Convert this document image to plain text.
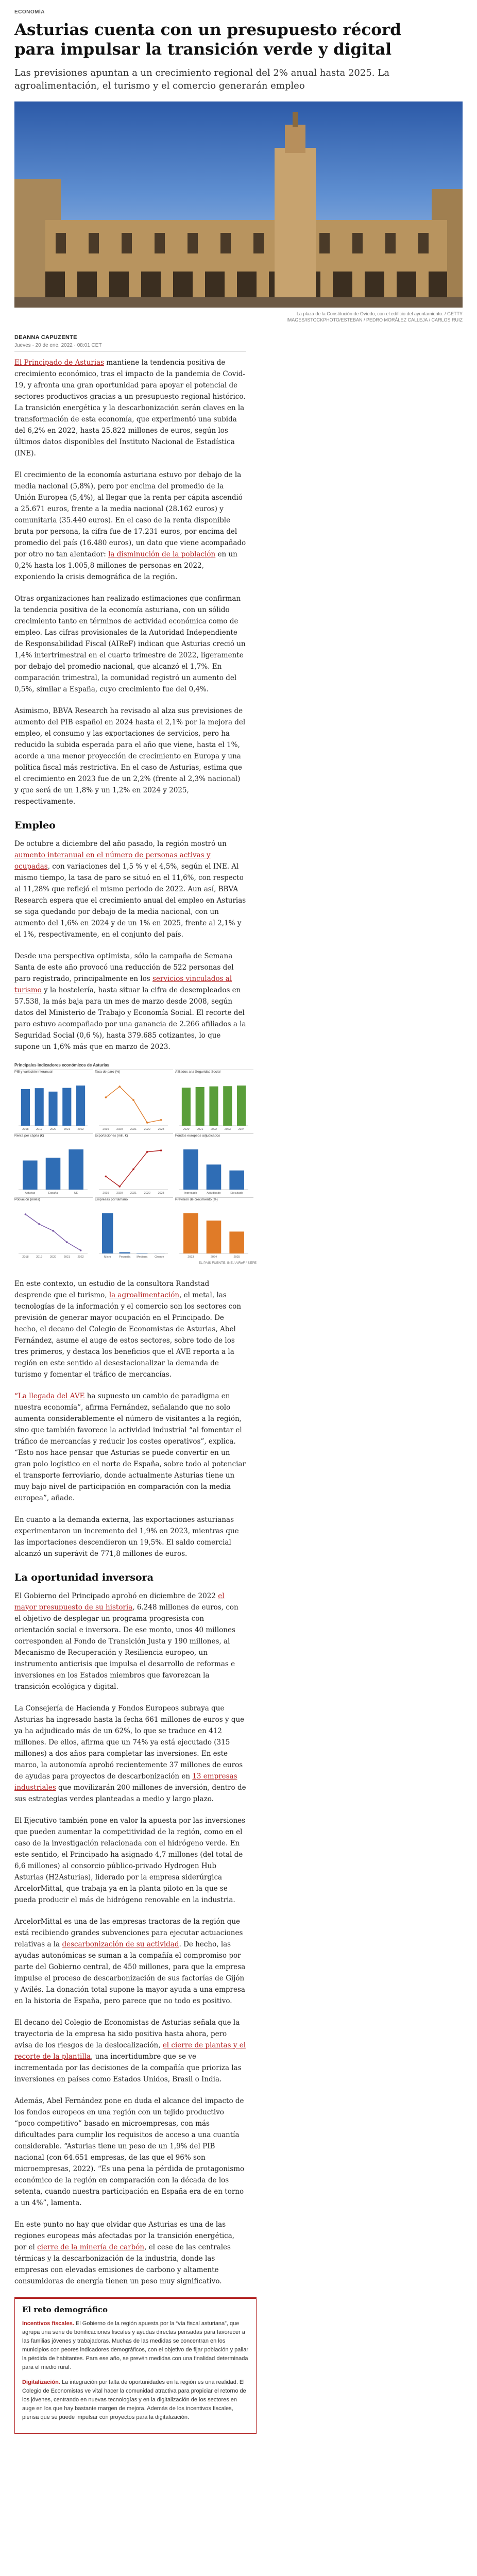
ECONOMÍA
Asturias cuenta con un presupuesto récord para impulsar la transición verde y digital

Las previsiones apuntan a un crecimiento regional del 2% anual hasta 2025. La agroalimentación, el turismo y el comercio generarán empleo

La plaza de la Constitución de Oviedo, con el edificio del ayuntamiento. / GETTY IMAGES/ISTOCKPHOTO/ESTEBAN / PEDRO MORÁLEZ CALLEJA / CARLOS RUIZ
DEANNA CAPUZENTE
Jueves · 20 de ene. 2022 · 08:01 CET

El Principado de Asturias mantiene la tendencia positiva de crecimiento económico, tras el impacto de la pandemia de Covid-19, y afronta una gran oportunidad para apoyar el potencial de sectores productivos gracias a un presupuesto regional histórico. La transición energética y la descarbonización serán claves en la transformación de esta economía, que experimentó una subida del 6,2% en 2022, hasta 25.822 millones de euros, según los últimos datos disponibles del Instituto Nacional de Estadística (INE).

El crecimiento de la economía asturiana estuvo por debajo de la media nacional (5,8%), pero por encima del promedio de la Unión Europea (5,4%), al llegar que la renta per cápita ascendió a 25.671 euros, frente a la media nacional (28.162 euros) y comunitaria (35.440 euros). En el caso de la renta disponible bruta por persona, la cifra fue de 17.231 euros, por encima del promedio del país (16.480 euros), un dato que viene acompañado por otro no tan alentador: la disminución de la población en un 0,2% hasta los 1.005,8 millones de personas en 2022, exponiendo la crisis demográfica de la región.

Otras organizaciones han realizado estimaciones que confirman la tendencia positiva de la economía asturiana, con un sólido crecimiento tanto en términos de actividad económica como de empleo. Las cifras provisionales de la Autoridad Independiente de Responsabilidad Fiscal (AIReF) indican que Asturias creció un 1,4% intertrimestral en el cuarto trimestre de 2022, ligeramente por debajo del promedio nacional, que alcanzó el 1,7%. En comparación trimestral, la comunidad registró un aumento del 0,5%, similar a España, cuyo crecimiento fue del 0,4%.

Asimismo, BBVA Research ha revisado al alza sus previsiones de aumento del PIB español en 2024 hasta el 2,1% por la mejora del empleo, el consumo y las exportaciones de servicios, pero ha reducido la subida esperada para el año que viene, hasta el 1%, acorde a una menor proyección de crecimiento en Europa y una política fiscal más restrictiva. En el caso de Asturias, estima que el crecimiento en 2023 fue de un 2,2% (frente al 2,3% nacional) y que será de un 1,8% y un 1,2% en 2024 y 2025, respectivamente.

Empleo

De octubre a diciembre del año pasado, la región mostró un aumento interanual en el número de personas activas y ocupadas, con variaciones del 1,5 % y el 4,5%, según el INE. Al mismo tiempo, la tasa de paro se situó en el 11,6%, con respecto al 11,28% que reflejó el mismo periodo de 2022. Aun así, BBVA Research espera que el crecimiento anual del empleo en Asturias se siga quedando por debajo de la media nacional, con un aumento del 1,6% en 2024 y de un 1% en 2025, frente al 2,1% y el 1%, respectivamente, en el conjunto del país.

Desde una perspectiva optimista, sólo la campaña de Semana Santa de este año provocó una reducción de 522 personas del paro registrado, principalmente en los servicios vinculados al turismo y la hostelería, hasta situar la cifra de desempleados en 57.538, la más baja para un mes de marzo desde 2008, según datos del Ministerio de Trabajo y Economía Social. El recorte del paro estuvo acompañado por una ganancia de 2.266 afiliados a la Seguridad Social (0,6 %), hasta 379.685 cotizantes, lo que supone un 1,6% más que en marzo de 2023.

Principales indicadores económicos de Asturias
PIB y variación interanual
2018	2019	2020	2021	2022
Tasa de paro (%)
2019	2020	2021	2022	2023
Afiliados a la Seguridad Social
2020	2021	2022	2023	2024
Renta per cápita (€)
Asturias	España	UE
Exportaciones (mill. €)
2019	2020	2021	2022	2023
Fondos europeos adjudicados
Ingresado	Adjudicado	Ejecutado
Población (miles)
2018	2019	2020	2021	2022
Empresas por tamaño
Micro	Pequeña Mediana	Grande
Previsión de crecimiento (%)
2023	2024	2025
EL PAÍS FUENTE: INE / AIReF / SEPE

En este contexto, un estudio de la consultora Randstad desprende que el turismo, la agroalimentación, el metal, las tecnologías de la información y el comercio son los sectores con previsión de generar mayor ocupación en el Principado. De hecho, el decano del Colegio de Economistas de Asturias, Abel Fernández, asume el auge de estos sectores, sobre todo de los tres primeros, y destaca los beneficios que el AVE reporta a la región en este sentido al desestacionalizar la demanda de turismo y fomentar el tráfico de mercancías.

“La llegada del AVE ha supuesto un cambio de paradigma en nuestra economía”, afirma Fernández, señalando que no solo aumenta considerablemente el número de visitantes a la región, sino que también favorece la actividad industrial “al fomentar el tráfico de mercancías y reducir los costes operativos”, explica. “Esto nos hace pensar que Asturias se puede convertir en un gran polo logístico en el norte de España, sobre todo al potenciar el transporte ferroviario, donde actualmente Asturias tiene un muy bajo nivel de participación en comparación con la media europea”, añade.

En cuanto a la demanda externa, las exportaciones asturianas experimentaron un incremento del 1,9% en 2023, mientras que las importaciones descendieron un 19,5%. El saldo comercial alcanzó un superávit de 771,8 millones de euros.

La oportunidad inversora

El Gobierno del Principado aprobó en diciembre de 2022 el mayor presupuesto de su historia, 6.248 millones de euros, con el objetivo de desplegar un programa progresista con orientación social e inversora. De ese monto, unos 40 millones corresponden al Fondo de Transición Justa y 190 millones, al Mecanismo de Recuperación y Resiliencia europeo, un instrumento anticrisis que impulsa el desarrollo de reformas e inversiones en los Estados miembros que favorezcan la transición ecológica y digital.

La Consejería de Hacienda y Fondos Europeos subraya que Asturias ha ingresado hasta la fecha 661 millones de euros y que ya ha adjudicado más de un 62%, lo que se traduce en 412 millones. De ellos, afirma que un 74% ya está ejecutado (315 millones) a dos años para completar las inversiones. En este marco, la autonomía aprobó recientemente 37 millones de euros de ayudas para proyectos de descarbonización en 13 empresas industriales que movilizarán 200 millones de inversión, dentro de sus estrategias verdes planteadas a medio y largo plazo.

El Ejecutivo también pone en valor la apuesta por las inversiones que pueden aumentar la competitividad de la región, como en el caso de la investigación relacionada con el hidrógeno verde. En este sentido, el Principado ha asignado 4,7 millones (del total de 6,6 millones) al consorcio público-privado Hydrogen Hub Asturias (H2Asturias), liderado por la empresa siderúrgica ArcelorMittal, que trabaja ya en la planta piloto en la que se pueda producir el más de hidrógeno renovable en la industria.

ArcelorMittal es una de las empresas tractoras de la región que está recibiendo grandes subvenciones para ejecutar actuaciones relativas a la descarbonización de su actividad. De hecho, las ayudas autonómicas se suman a la compañía el compromiso por parte del Gobierno central, de 450 millones, para que la empresa impulse el proceso de descarbonización de sus factorías de Gijón y Avilés. La donación total supone la mayor ayuda a una empresa en la historia de España, pero parece que no todo es positivo.

El decano del Colegio de Economistas de Asturias señala que la trayectoria de la empresa ha sido positiva hasta ahora, pero avisa de los riesgos de la deslocalización, el cierre de plantas y el recorte de la plantilla, una incertidumbre que se ve incrementada por las decisiones de la compañía que prioriza las inversiones en países como Estados Unidos, Brasil o India.

Además, Abel Fernández pone en duda el alcance del impacto de los fondos europeos en una región con un tejido productivo “poco competitivo” basado en microempresas, con más dificultades para cumplir los requisitos de acceso a una cuantía considerable. “Asturias tiene un peso de un 1,9% del PIB nacional (con 64.651 empresas, de las que el 96% son microempresas, 2022). “Es una pena la pérdida de protagonismo económico de la región en comparación con la década de los setenta, cuando nuestra participación en España era de en torno a un 4%”, lamenta.

En este punto no hay que olvidar que Asturias es una de las regiones europeas más afectadas por la transición energética, por el cierre de la minería de carbón, el cese de las centrales térmicas y la descarbonización de la industria, donde las empresas con elevadas emisiones de carbono y altamente consumidoras de energía tienen un peso muy significativo.

El reto demográfico

Incentivos fiscales. El Gobierno de la región apuesta por la “vía fiscal asturiana”, que agrupa una serie de bonificaciones fiscales y ayudas directas pensadas para favorecer a las familias jóvenes y trabajadoras. Muchas de las medidas se concentran en los municipios con peores indicadores demográficos, con el objetivo de fijar población y paliar la pérdida de habitantes. Para ese año, se prevén medidas con una finalidad determinada para el medio rural.

Digitalización. La integración por falta de oportunidades en la región es una realidad. El Colegio de Economistas ve vital hacer la comunidad atractiva para propiciar el retorno de los jóvenes, centrando en nuevas tecnologías y en la digitalización de los sectores en auge en los que hay bastante margen de mejora. Además de los incentivos fiscales, piensa que se puede impulsar con proyectos para la digitalización.
